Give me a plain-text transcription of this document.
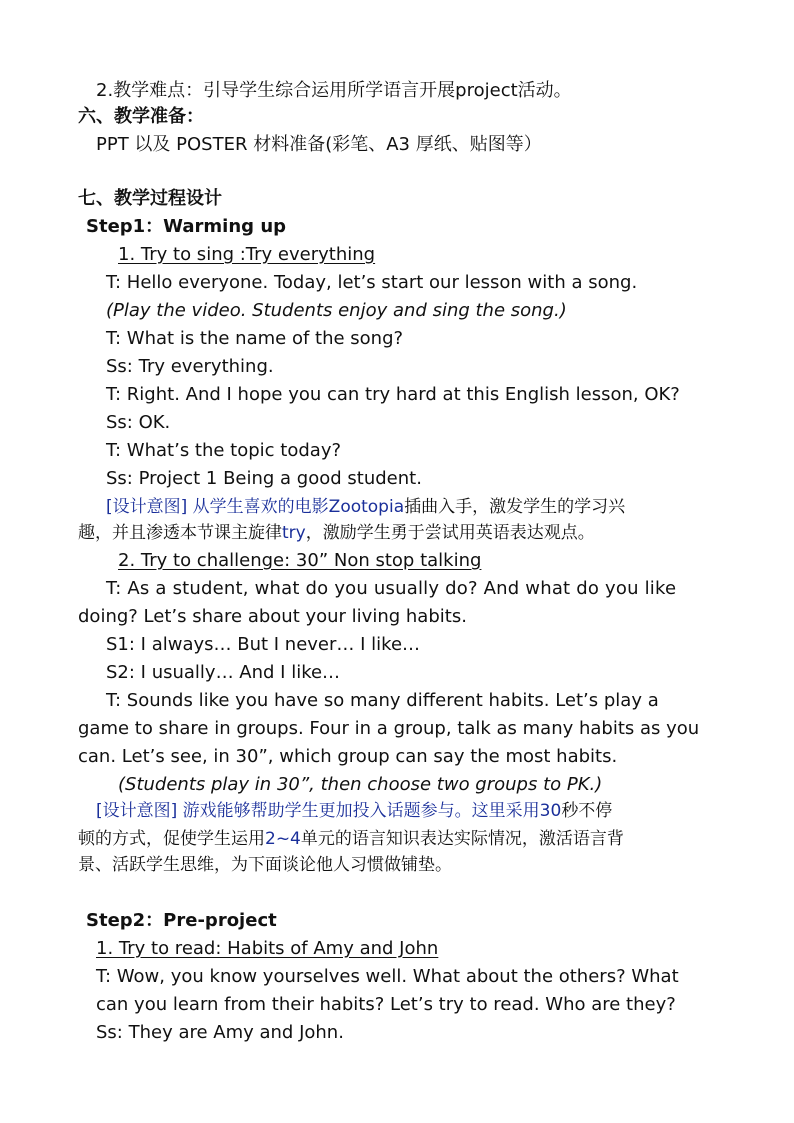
2.教学难点：引导学生综合运用所学语言开展project活动。
六、教学准备：
PPT 以及 POSTER 材料准备(彩笔、A3 厚纸、贴图等）
七、教学过程设计
Step1：Warming up
1. Try to sing :Try everything
T: Hello everyone. Today, let’s start our lesson with a song.
(Play the video. Students enjoy and sing the song.)
T: What is the name of the song?
Ss: Try everything.
T: Right. And I hope you can try hard at this English lesson, OK?
Ss: OK.
T: What’s the topic today?
Ss: Project 1 Being a good student.
[设计意图] 从学生喜欢的电影Zootopia插曲入手，激发学生的学习兴
趣，并且渗透本节课主旋律try，激励学生勇于尝试用英语表达观点。
2. Try to challenge: 30” Non stop talking
T: As a student, what do you usually do? And what do you like
doing? Let’s share about your living habits.
S1: I always… But I never… I like…
S2: I usually… And I like…
T: Sounds like you have so many different habits. Let’s play a
game to share in groups. Four in a group, talk as many habits as you
can. Let’s see, in 30”, which group can say the most habits.
(Students play in 30”, then choose two groups to PK.)
[设计意图] 游戏能够帮助学生更加投入话题参与。这里采用30秒不停
顿的方式，促使学生运用2~4单元的语言知识表达实际情况，激活语言背
景、活跃学生思维，为下面谈论他人习惯做铺垫。
Step2：Pre-project
1. Try to read: Habits of Amy and John
T: Wow, you know yourselves well. What about the others? What
can you learn from their habits? Let’s try to read. Who are they?
Ss: They are Amy and John.
